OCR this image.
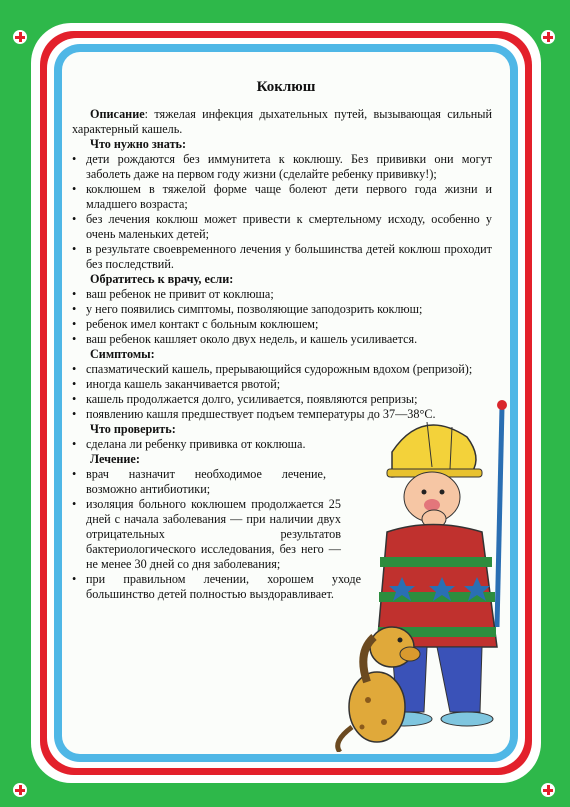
Коклюш

Описание: тяжелая инфекция дыхательных путей, вызывающая сильный характерный кашель.

Что нужно знать:
• дети рождаются без иммунитета к коклюшу. Без прививки они могут заболеть даже на первом году жизни (сделайте ребенку прививку!);
• коклюшем в тяжелой форме чаще болеют дети первого года жизни и младшего возраста;
• без лечения коклюш может привести к смертельному исходу, особенно у очень маленьких детей;
• в результате своевременного лечения у большинства детей коклюш проходит без последствий.
Обратитесь к врачу, если:
• ваш ребенок не привит от коклюша;
• у него появились симптомы, позволяющие заподозрить коклюш;
• ребенок имел контакт с больным коклюшем;
• ваш ребенок кашляет около двух недель, и кашель усиливается.
Симптомы:
• спазматический кашель, прерывающийся судорожным вдохом (репризой);
• иногда кашель заканчивается рвотой;
• кашель продолжается долго, усиливается, появляются репризы;
• появлению кашля предшествует подъем температуры до 37—38°С.
Что проверить:
• сделана ли ребенку прививка от коклюша.
Лечение:
• врач назначит необходимое лечение, возможно антибиотики;
• изоляция больного коклюшем продолжается 25 дней с начала заболевания — при наличии двух отрицательных результатов бактериологического исследования, без него — не менее 30 дней со дня заболевания;
• при правильном лечении, хорошем уходе большинство детей полностью выздоравливает.
